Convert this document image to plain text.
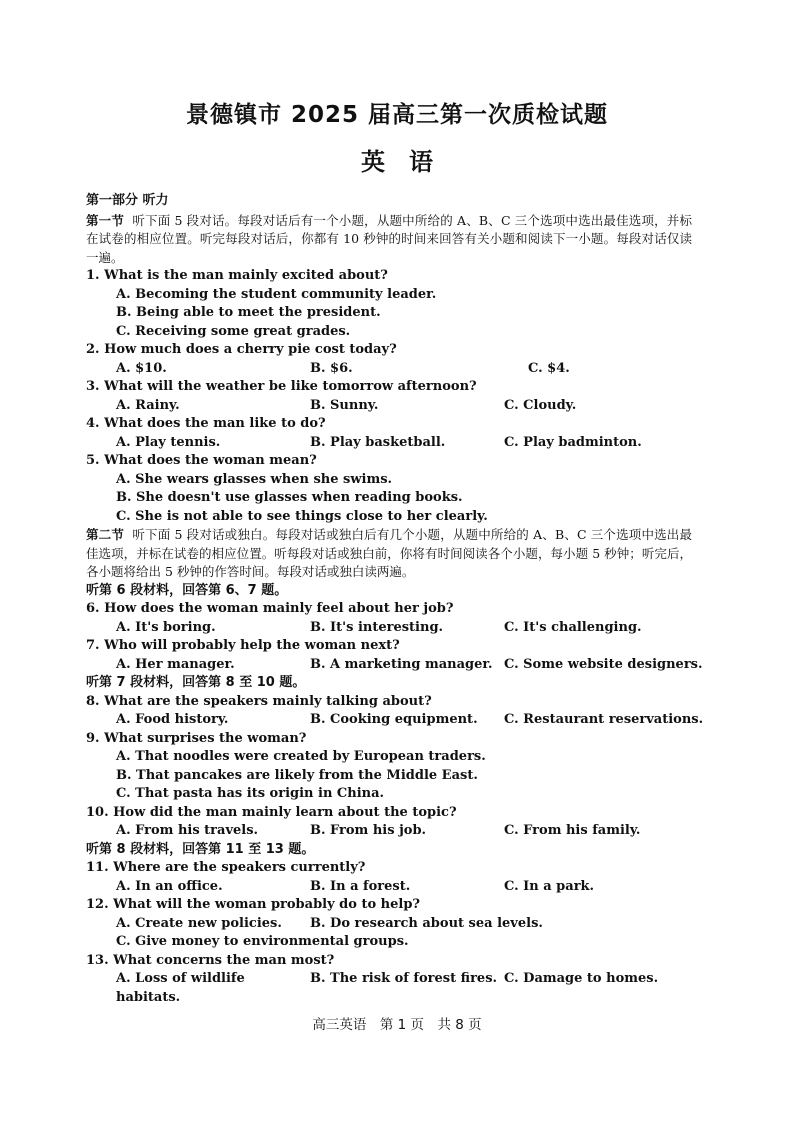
景德镇市 2025 届高三第一次质检试题
英　语
第一部分 听力
第一节 听下面 5 段对话。每段对话后有一个小题，从题中所给的 A、B、C 三个选项中选出最佳选项，并标在试卷的相应位置。听完每段对话后，你都有 10 秒钟的时间来回答有关小题和阅读下一小题。每段对话仅读一遍。
1. What is the man mainly excited about?
A. Becoming the student community leader.
B. Being able to meet the president.
C. Receiving some great grades.
2. How much does a cherry pie cost today?
A. $10.	B. $6.	C. $4.
3. What will the weather be like tomorrow afternoon?
A. Rainy.	B. Sunny.	C. Cloudy.
4. What does the man like to do?
A. Play tennis.	B. Play basketball.	C. Play badminton.
5. What does the woman mean?
A. She wears glasses when she swims.
B. She doesn't use glasses when reading books.
C. She is not able to see things close to her clearly.
第二节 听下面 5 段对话或独白。每段对话或独白后有几个小题，从题中所给的 A、B、C 三个选项中选出最佳选项，并标在试卷的相应位置。听每段对话或独白前，你将有时间阅读各个小题，每小题 5 秒钟；听完后，各小题将给出 5 秒钟的作答时间。每段对话或独白读两遍。
听第 6 段材料，回答第 6、7 题。
6. How does the woman mainly feel about her job?
A. It's boring.	B. It's interesting.	C. It's challenging.
7. Who will probably help the woman next?
A. Her manager.	B. A marketing manager. C. Some website designers.
听第 7 段材料，回答第 8 至 10 题。
8. What are the speakers mainly talking about?
A. Food history.	B. Cooking equipment.	C. Restaurant reservations.
9. What surprises the woman?
A. That noodles were created by European traders.
B. That pancakes are likely from the Middle East.
C. That pasta has its origin in China.
10. How did the man mainly learn about the topic?
A. From his travels.	B. From his job.	C. From his family.
听第 8 段材料，回答第 11 至 13 题。
11. Where are the speakers currently?
A. In an office.	B. In a forest.	C. In a park.
12. What will the woman probably do to help?
A. Create new policies.	B. Do research about sea levels.
C. Give money to environmental groups.
13. What concerns the man most?
A. Loss of wildlife habitats.
B. The risk of forest fires. C. Damage to homes.
高三英语　第 1 页　共 8 页
